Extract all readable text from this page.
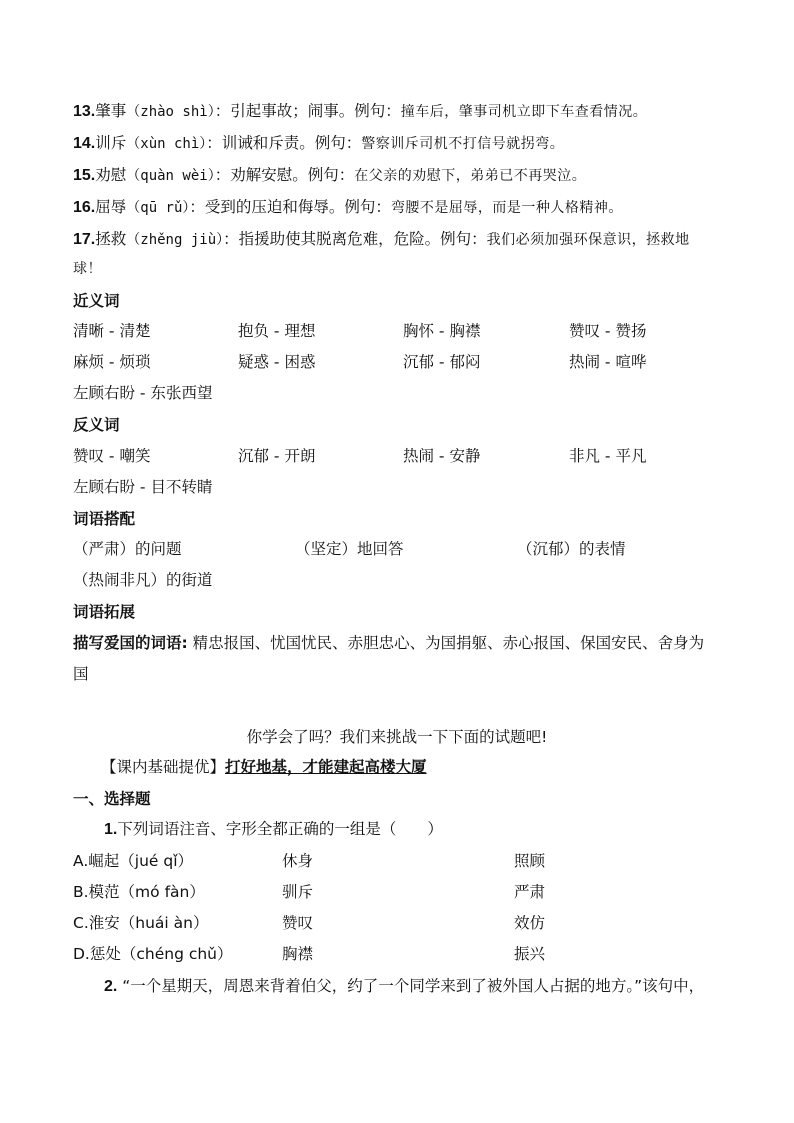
13.肇事（zhào shì）：引起事故；闹事。例句：撞车后，肇事司机立即下车查看情况。
14.训斥（xùn chì）：训诫和斥责。例句：警察训斥司机不打信号就拐弯。
15.劝慰（quàn wèi）：劝解安慰。例句：在父亲的劝慰下，弟弟已不再哭泣。
16.屈辱（qū rǔ）：受到的压迫和侮辱。例句：弯腰不是屈辱，而是一种人格精神。
17.拯救（zhěng jiù）：指援助使其脱离危难，危险。例句：我们必须加强环保意识，拯救地
球！
近义词
清晰 - 清楚	抱负 - 理想	胸怀 - 胸襟	赞叹 - 赞扬
麻烦 - 烦琐	疑惑 - 困惑	沉郁 - 郁闷	热闹 - 喧哗
左顾右盼 - 东张西望
反义词
赞叹 - 嘲笑	沉郁 - 开朗	热闹 - 安静	非凡 - 平凡
左顾右盼 - 目不转睛
词语搭配
（严肃）的问题	（坚定）地回答	（沉郁）的表情
（热闹非凡）的街道
词语拓展
描写爱国的词语: 精忠报国、忧国忧民、赤胆忠心、为国捐躯、赤心报国、保国安民、舍身为
国
你学会了吗？我们来挑战一下下面的试题吧!
【课内基础提优】打好地基，才能建起高楼大厦
一、选择题
1.下列词语注音、字形全都正确的一组是（　　）
A.崛起（jué qǐ）	休身	照顾
B.模范（mó fàn）	驯斥	严肃
C.淮安（huái àn）	赞叹	效仿
D.惩处（chéng chǔ）	胸襟	振兴
2. “一个星期天，周恩来背着伯父，约了一个同学来到了被外国人占据的地方。”该句中，
